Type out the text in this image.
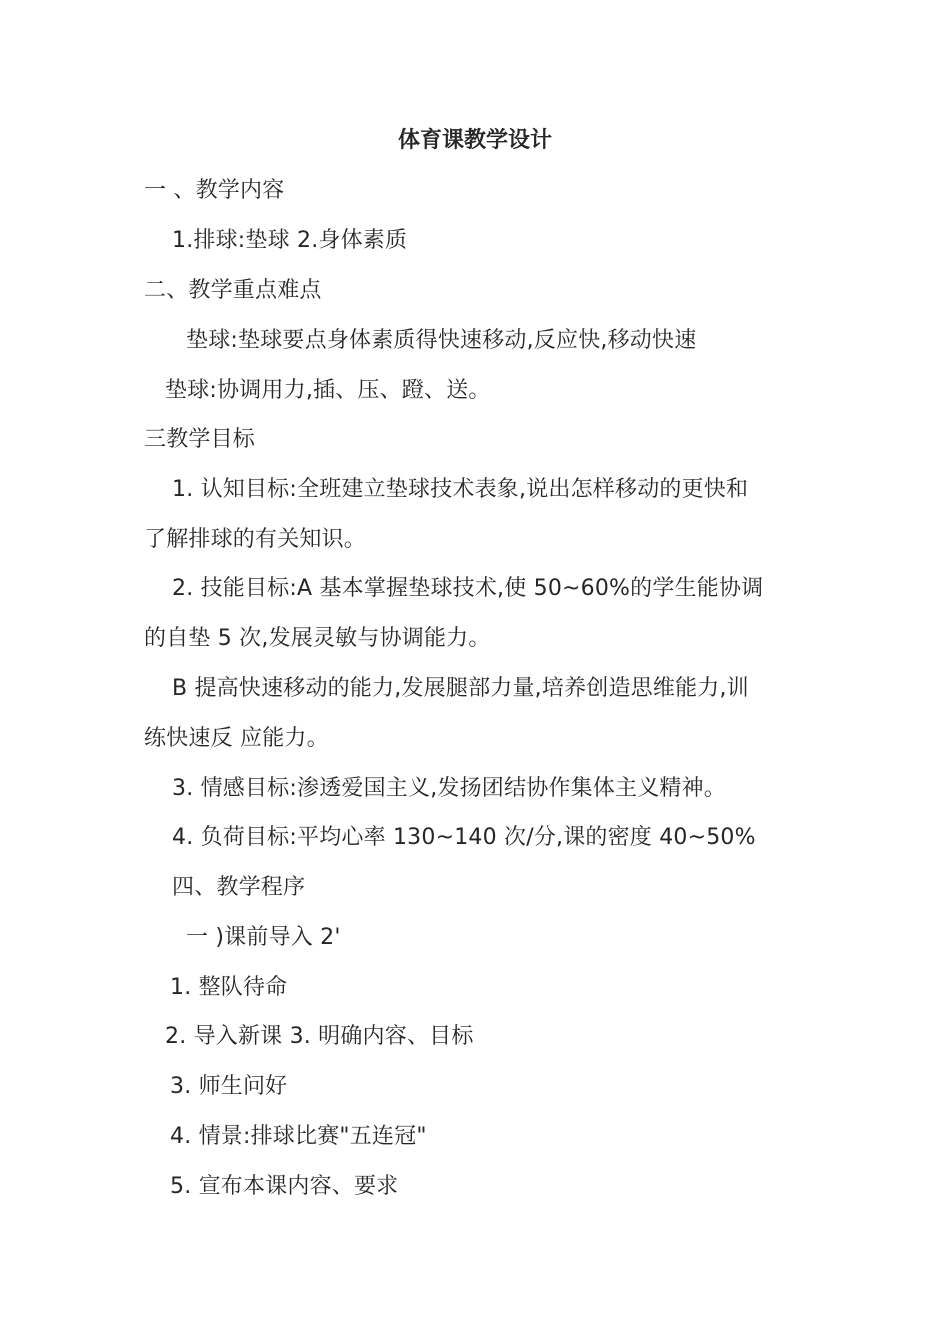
体育课教学设计
一 、教学内容
1.排球:垫球 2.身体素质
二、教学重点难点
垫球:垫球要点身体素质得快速移动,反应快,移动快速
垫球:协调用力,插、压、蹬、送。
三教学目标
1. 认知目标:全班建立垫球技术表象,说出怎样移动的更快和
了解排球的有关知识。
2. 技能目标:A 基本掌握垫球技术,使 50~60%的学生能协调
的自垫 5 次,发展灵敏与协调能力。
B 提高快速移动的能力,发展腿部力量,培养创造思维能力,训
练快速反 应能力。
3. 情感目标:渗透爱国主义,发扬团结协作集体主义精神。
4. 负荷目标:平均心率 130~140 次/分,课的密度 40~50%
四、教学程序
一 )课前导入 2'
1. 整队待命
2. 导入新课 3. 明确内容、目标
3. 师生问好
4. 情景:排球比赛"五连冠"
5. 宣布本课内容、要求
